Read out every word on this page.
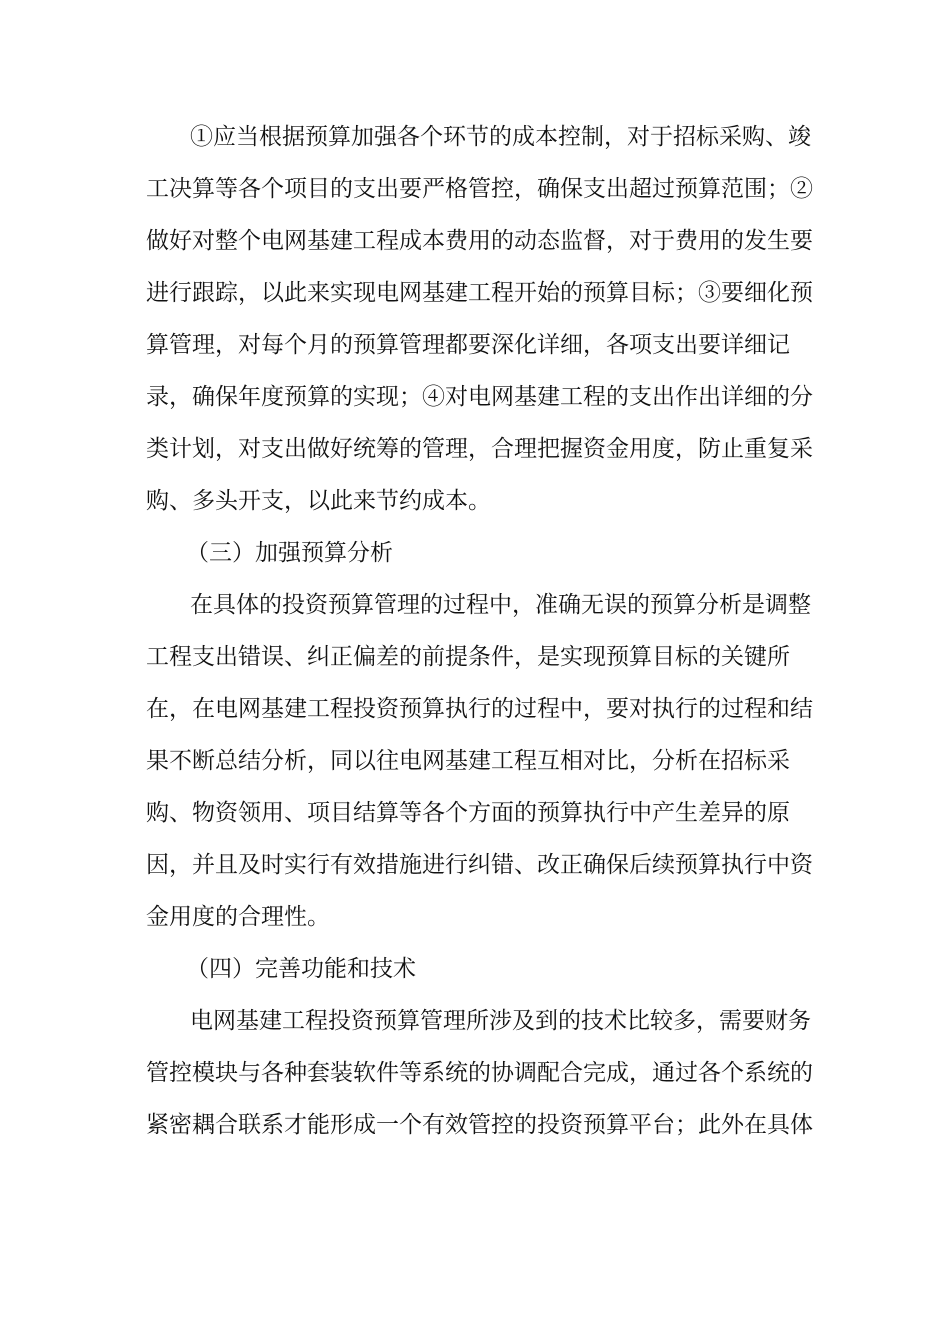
①应当根据预算加强各个环节的成本控制，对于招标采购、竣

工决算等各个项目的支出要严格管控，确保支出超过预算范围；②

做好对整个电网基建工程成本费用的动态监督，对于费用的发生要

进行跟踪，以此来实现电网基建工程开始的预算目标；③要细化预

算管理，对每个月的预算管理都要深化详细，各项支出要详细记

录，确保年度预算的实现；④对电网基建工程的支出作出详细的分

类计划，对支出做好统筹的管理，合理把握资金用度，防止重复采

购、多头开支，以此来节约成本。

（三）加强预算分析

在具体的投资预算管理的过程中，准确无误的预算分析是调整

工程支出错误、纠正偏差的前提条件，是实现预算目标的关键所

在，在电网基建工程投资预算执行的过程中，要对执行的过程和结

果不断总结分析，同以往电网基建工程互相对比，分析在招标采

购、物资领用、项目结算等各个方面的预算执行中产生差异的原

因，并且及时实行有效措施进行纠错、改正确保后续预算执行中资

金用度的合理性。

（四）完善功能和技术

电网基建工程投资预算管理所涉及到的技术比较多，需要财务

管控模块与各种套装软件等系统的协调配合完成，通过各个系统的

紧密耦合联系才能形成一个有效管控的投资预算平台；此外在具体
